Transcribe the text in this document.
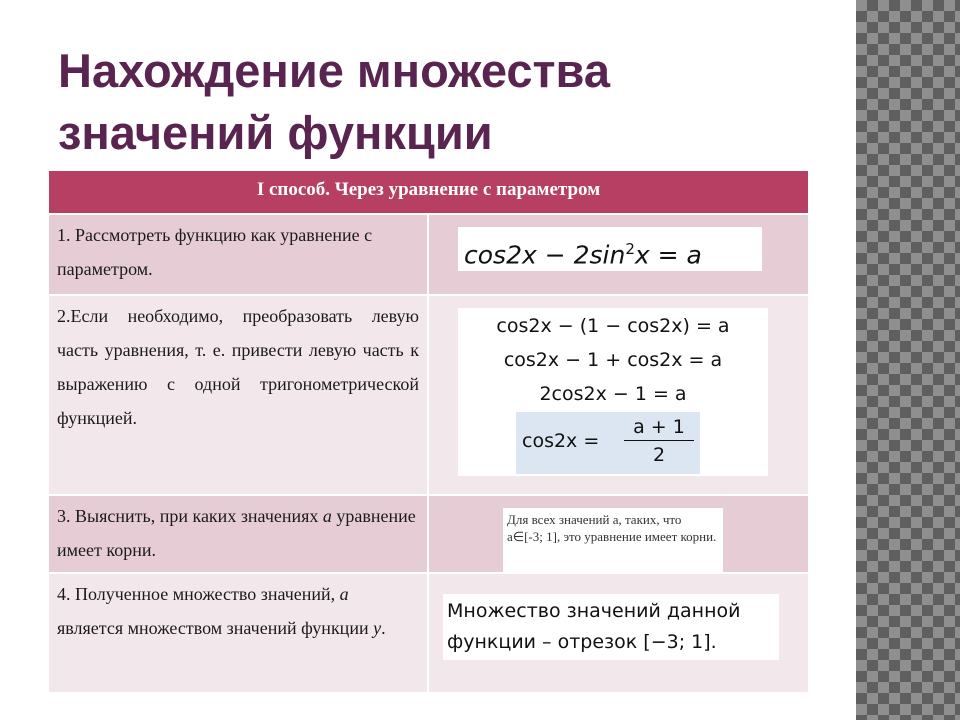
Нахождение множества
значений функции
I способ. Через уравнение с параметром
1. Рассмотреть функцию как уравнение с параметром.	$\cos 2x - 2\sin^2x = a$
2.Если необходимо, преобразовать левую часть уравнения, т. е. привести левую часть к выражению с одной тригонометрической
функцией.
cos2x − (1 − cos2x) = a
cos2x − 1 + cos2x = a
2cos2x − 1 = a
$\cos 2x = \frac{a + 1}{2}$
3. Выяснить, при каких значениях a уравнение имеет корни.
Для всех значений a, таких, что a∈[-3; 1], это уравнение имеет корни.
4. Полученное множество значений, a является множеством значений функции y.
Множество значений данной функции – отрезок [−3; 1].
